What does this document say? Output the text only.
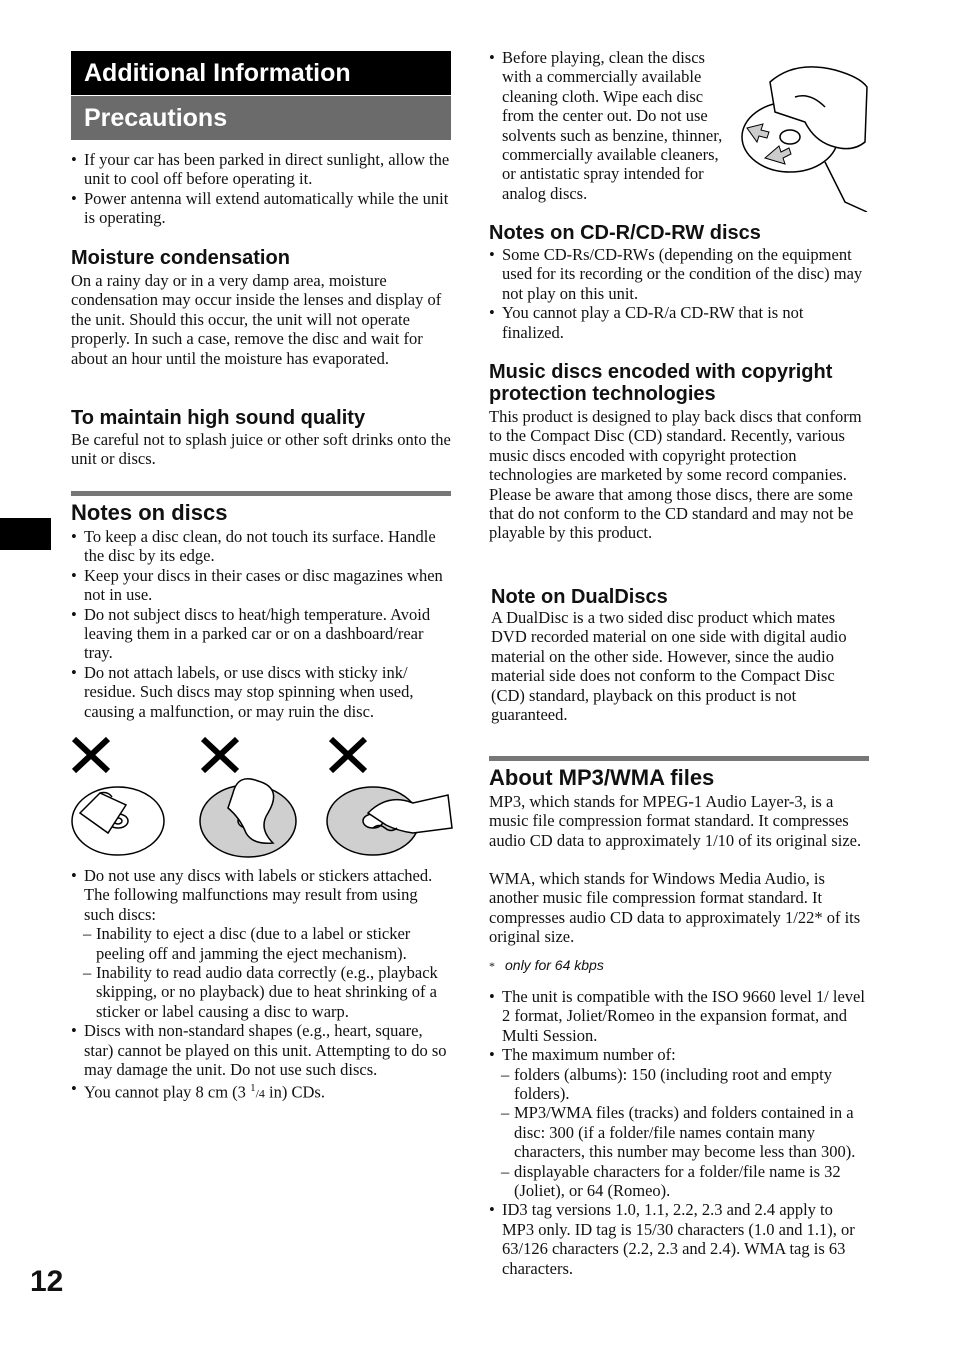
Additional Information
Precautions
• If your car has been parked in direct sunlight, allow the unit to cool off before operating it.
• Power antenna will extend automatically while the unit is operating.
Moisture condensation

On a rainy day or in a very damp area, moisture condensation may occur inside the lenses and display of the unit. Should this occur, the unit will not operate properly. In such a case, remove the disc and wait for about an hour until the moisture has evaporated.

To maintain high sound quality

Be careful not to splash juice or other soft drinks onto the unit or discs.

Notes on discs
• To keep a disc clean, do not touch its surface. Handle the disc by its edge.
• Keep your discs in their cases or disc magazines when not in use.
• Do not subject discs to heat/high temperature. Avoid leaving them in a parked car or on a dashboard/rear tray.
• Do not attach labels, or use discs with sticky ink/ residue. Such discs may stop spinning when used, causing a malfunction, or may ruin the disc.
• Do not use any discs with labels or stickers attached.
The following malfunctions may result from using such discs:
– Inability to eject a disc (due to a label or sticker peeling off and jamming the eject mechanism).
– Inability to read audio data correctly (e.g., playback skipping, or no playback) due to heat shrinking of a sticker or label causing a disc to warp.
• Discs with non-standard shapes (e.g., heart, square, star) cannot be played on this unit. Attempting to do so may damage the unit. Do not use such discs.
• You cannot play 8 cm (3 $^1$/4 in) CDs.
12
• Before playing, clean the discs with a commercially available cleaning cloth. Wipe each disc from the center out. Do not use solvents such as benzine, thinner, commercially available cleaners, or antistatic spray intended for analog discs.
Notes on CD-R/CD-RW discs
• Some CD-Rs/CD-RWs (depending on the equipment used for its recording or the condition of the disc) may not play on this unit.
• You cannot play a CD-R/a CD-RW that is not finalized.
Music discs encoded with copyright protection technologies

This product is designed to play back discs that conform to the Compact Disc (CD) standard. Recently, various music discs encoded with copyright protection technologies are marketed by some record companies. Please be aware that among those discs, there are some that do not conform to the CD standard and may not be playable by this product.

Note on DualDiscs

A DualDisc is a two sided disc product which mates DVD recorded material on one side with digital audio material on the other side. However, since the audio material side does not conform to the Compact Disc (CD) standard, playback on this product is not guaranteed.

About MP3/WMA files

MP3, which stands for MPEG-1 Audio Layer-3, is a music file compression format standard. It compresses audio CD data to approximately 1/10 of its original size.

WMA, which stands for Windows Media Audio, is another music file compression format standard. It compresses audio CD data to approximately 1/22* of its original size.

* only for 64 kbps
• The unit is compatible with the ISO 9660 level 1/ level 2 format, Joliet/Romeo in the expansion format, and Multi Session.
• The maximum number of:
– folders (albums): 150 (including root and empty folders).
– MP3/WMA files (tracks) and folders contained in a disc: 300 (if a folder/file names contain many characters, this number may become less than 300).
– displayable characters for a folder/file name is 32 (Joliet), or 64 (Romeo).
• ID3 tag versions 1.0, 1.1, 2.2, 2.3 and 2.4 apply to MP3 only. ID tag is 15/30 characters (1.0 and 1.1), or 63/126 characters (2.2, 2.3 and 2.4). WMA tag is 63 characters.
